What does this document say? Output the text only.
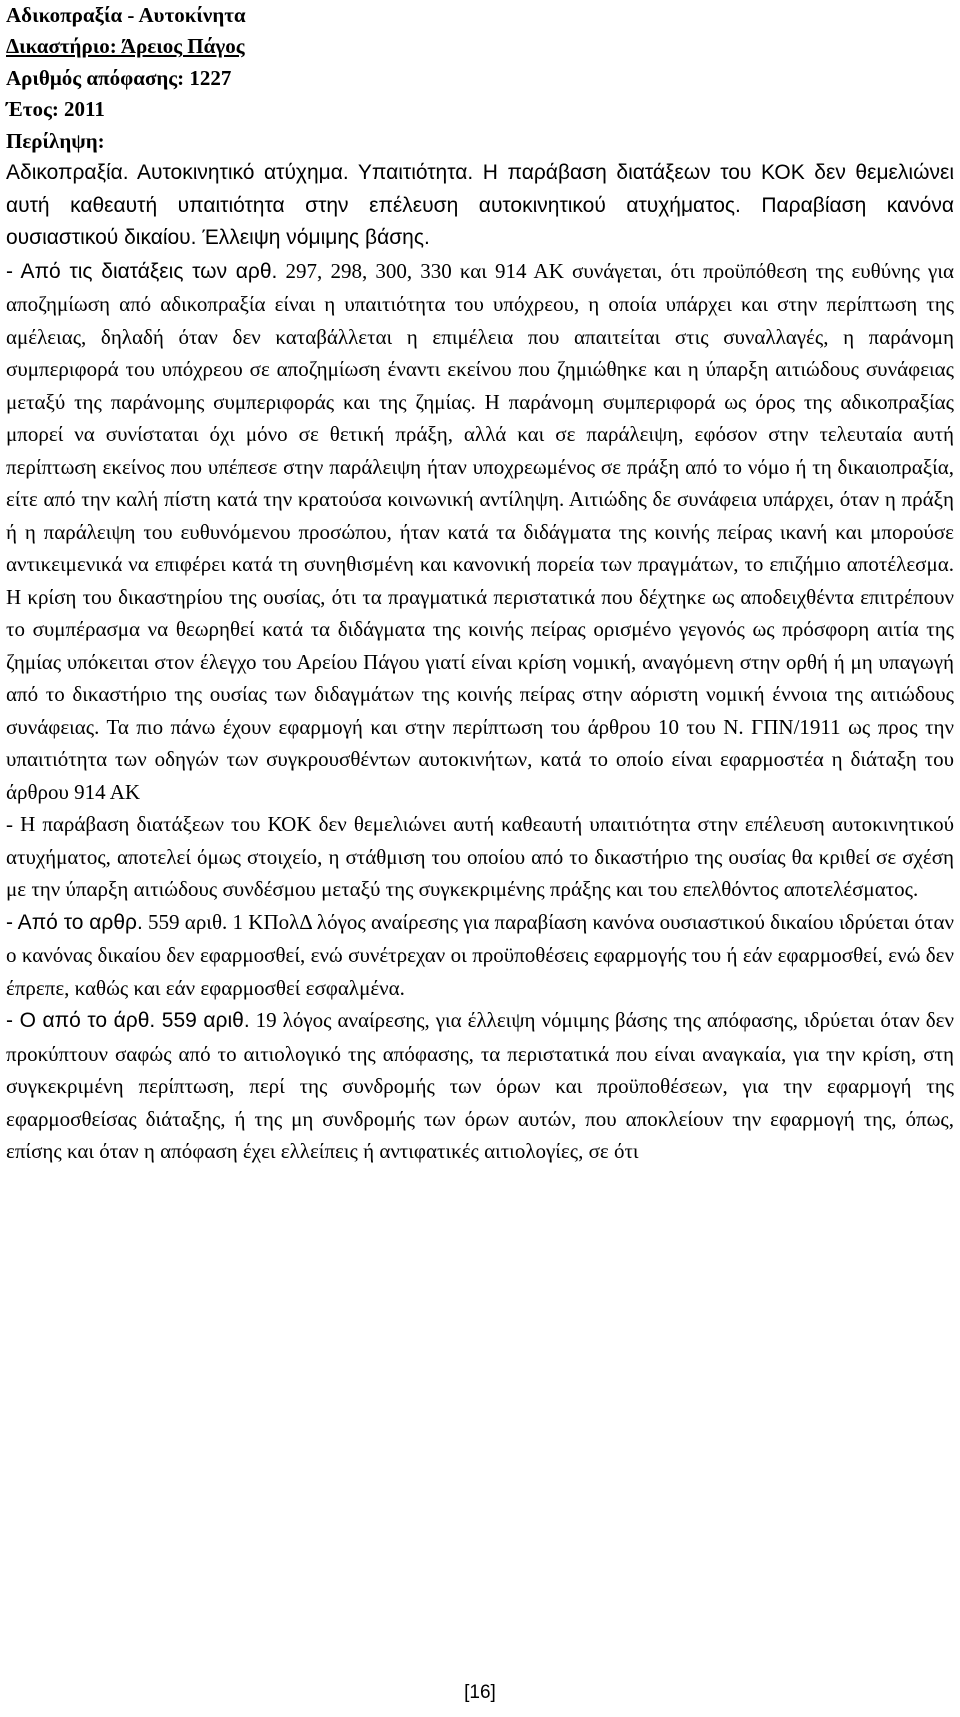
Αδικοπραξία - Αυτοκίνητα
Δικαστήριο: Άρειος Πάγος
Αριθμός απόφασης: 1227
Έτος: 2011
Περίληψη:
Αδικοπραξία. Αυτοκινητικό ατύχημα. Υπαιτιότητα. Η παράβαση διατάξεων του ΚΟΚ δεν θεμελιώνει αυτή καθεαυτή υπαιτιότητα στην επέλευση αυτοκινητικού ατυχήματος. Παραβίαση κανόνα ουσιαστικού δικαίου. Έλλειψη νόμιμης βάσης.
- Από τις διατάξεις των αρθ. 297, 298, 300, 330 και 914 ΑΚ συνάγεται, ότι προϋπόθεση της ευθύνης για αποζημίωση από αδικοπραξία είναι η υπαιτιότητα του υπόχρεου, η οποία υπάρχει και στην περίπτωση της αμέλειας, δηλαδή όταν δεν καταβάλλεται η επιμέλεια που απαιτείται στις συναλλαγές, η παράνομη συμπεριφορά του υπόχρεου σε αποζημίωση έναντι εκείνου που ζημιώθηκε και η ύπαρξη αιτιώδους συνάφειας μεταξύ της παράνομης συμπεριφοράς και της ζημίας. Η παράνομη συμπεριφορά ως όρος της αδικοπραξίας μπορεί να συνίσταται όχι μόνο σε θετική πράξη, αλλά και σε παράλειψη, εφόσον στην τελευταία αυτή περίπτωση εκείνος που υπέπεσε στην παράλειψη ήταν υποχρεωμένος σε πράξη από το νόμο ή τη δικαιοπραξία, είτε από την καλή πίστη κατά την κρατούσα κοινωνική αντίληψη. Αιτιώδης δε συνάφεια υπάρχει, όταν η πράξη ή η παράλειψη του ευθυνόμενου προσώπου, ήταν κατά τα διδάγματα της κοινής πείρας ικανή και μπορούσε αντικειμενικά να επιφέρει κατά τη συνηθισμένη και κανονική πορεία των πραγμάτων, το επιζήμιο αποτέλεσμα. Η κρίση του δικαστηρίου της ουσίας, ότι τα πραγματικά περιστατικά που δέχτηκε ως αποδειχθέντα επιτρέπουν το συμπέρασμα να θεωρηθεί κατά τα διδάγματα της κοινής πείρας ορισμένο γεγονός ως πρόσφορη αιτία της ζημίας υπόκειται στον έλεγχο του Αρείου Πάγου γιατί είναι κρίση νομική, αναγόμενη στην ορθή ή μη υπαγωγή από το δικαστήριο της ουσίας των διδαγμάτων της κοινής πείρας στην αόριστη νομική έννοια της αιτιώδους συνάφειας. Τα πιο πάνω έχουν εφαρμογή και στην περίπτωση του άρθρου 10 του Ν. ΓΠΝ/1911 ως προς την υπαιτιότητα των οδηγών των συγκρουσθέντων αυτοκινήτων, κατά το οποίο είναι εφαρμοστέα η διάταξη του άρθρου 914 ΑΚ
- Η παράβαση διατάξεων του ΚΟΚ δεν θεμελιώνει αυτή καθεαυτή υπαιτιότητα στην επέλευση αυτοκινητικού ατυχήματος, αποτελεί όμως στοιχείο, η στάθμιση του οποίου από το δικαστήριο της ουσίας θα κριθεί σε σχέση με την ύπαρξη αιτιώδους συνδέσμου μεταξύ της συγκεκριμένης πράξης και του επελθόντος αποτελέσματος.
- Από το αρθρ. 559 αριθ. 1 ΚΠολΔ λόγος αναίρεσης για παραβίαση κανόνα ουσιαστικού δικαίου ιδρύεται όταν ο κανόνας δικαίου δεν εφαρμοσθεί, ενώ συνέτρεχαν οι προϋποθέσεις εφαρμογής του ή εάν εφαρμοσθεί, ενώ δεν έπρεπε, καθώς και εάν εφαρμοσθεί εσφαλμένα.
- Ο από το άρθ. 559 αριθ. 19 λόγος αναίρεσης, για έλλειψη νόμιμης βάσης της απόφασης, ιδρύεται όταν δεν προκύπτουν σαφώς από το αιτιολογικό της απόφασης, τα περιστατικά που είναι αναγκαία, για την κρίση, στη συγκεκριμένη περίπτωση, περί της συνδρομής των όρων και προϋποθέσεων, για την εφαρμογή της εφαρμοσθείσας διάταξης, ή της μη συνδρομής των όρων αυτών, που αποκλείουν την εφαρμογή της, όπως, επίσης και όταν η απόφαση έχει ελλείπεις ή αντιφατικές αιτιολογίες, σε ότι
[16]
